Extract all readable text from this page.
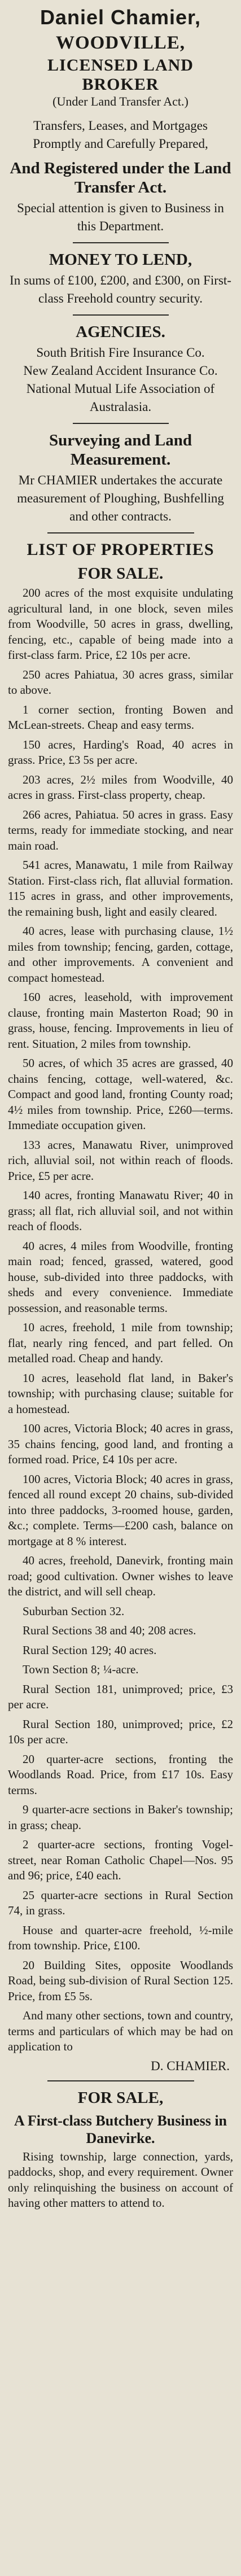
Daniel Chamier,
WOODVILLE,
LICENSED LAND BROKER
(Under Land Transfer Act.)
Transfers, Leases, and Mortgages Promptly and Carefully Prepared,
And Registered under the Land Transfer Act.
Special attention is given to Business in this Department.
MONEY TO LEND,
In sums of £100, £200, and £300, on First-class Freehold country security.
AGENCIES.
South British Fire Insurance Co.
New Zealand Accident Insurance Co.
National Mutual Life Association of Australasia.
Surveying and Land Measurement.
Mr CHAMIER undertakes the accurate measurement of Ploughing, Bushfelling and other contracts.
LIST OF PROPERTIES
FOR SALE.

200 acres of the most exquisite undulating agricultural land, in one block, seven miles from Woodville, 50 acres in grass, dwelling, fencing, etc., capable of being made into a first-class farm. Price, £2 10s per acre.

250 acres Pahiatua, 30 acres grass, similar to above.

1 corner section, fronting Bowen and McLean-streets. Cheap and easy terms.

150 acres, Harding's Road, 40 acres in grass. Price, £3 5s per acre.

203 acres, 2½ miles from Woodville, 40 acres in grass. First-class property, cheap.

266 acres, Pahiatua. 50 acres in grass. Easy terms, ready for immediate stocking, and near main road.

541 acres, Manawatu, 1 mile from Railway Station. First-class rich, flat alluvial formation. 115 acres in grass, and other improvements, the remaining bush, light and easily cleared.

40 acres, lease with purchasing clause, 1½ miles from township; fencing, garden, cottage, and other improvements. A convenient and compact homestead.

160 acres, leasehold, with improvement clause, fronting main Masterton Road; 90 in grass, house, fencing. Improvements in lieu of rent. Situation, 2 miles from township.

50 acres, of which 35 acres are grassed, 40 chains fencing, cottage, well-watered, &c. Compact and good land, fronting County road; 4½ miles from township. Price, £260—terms. Immediate occupation given.

133 acres, Manawatu River, unimproved rich, alluvial soil, not within reach of floods. Price, £5 per acre.

140 acres, fronting Manawatu River; 40 in grass; all flat, rich alluvial soil, and not within reach of floods.

40 acres, 4 miles from Woodville, fronting main road; fenced, grassed, watered, good house, sub-divided into three paddocks, with sheds and every convenience. Immediate possession, and reasonable terms.

10 acres, freehold, 1 mile from township; flat, nearly ring fenced, and part felled. On metalled road. Cheap and handy.

10 acres, leasehold flat land, in Baker's township; with purchasing clause; suitable for a homestead.

100 acres, Victoria Block; 40 acres in grass, 35 chains fencing, good land, and fronting a formed road. Price, £4 10s per acre.

100 acres, Victoria Block; 40 acres in grass, fenced all round except 20 chains, sub-divided into three paddocks, 3-roomed house, garden, &c.; complete. Terms—£200 cash, balance on mortgage at 8 % interest.

40 acres, freehold, Danevirk, fronting main road; good cultivation. Owner wishes to leave the district, and will sell cheap.

Suburban Section 32.

Rural Sections 38 and 40; 208 acres.

Rural Section 129; 40 acres.

Town Section 8; ¼-acre.

Rural Section 181, unimproved; price, £3 per acre.

Rural Section 180, unimproved; price, £2 10s per acre.

20 quarter-acre sections, fronting the Woodlands Road. Price, from £17 10s. Easy terms.

9 quarter-acre sections in Baker's township; in grass; cheap.

2 quarter-acre sections, fronting Vogel-street, near Roman Catholic Chapel—Nos. 95 and 96; price, £40 each.

25 quarter-acre sections in Rural Section 74, in grass.

House and quarter-acre freehold, ½-mile from township. Price, £100.

20 Building Sites, opposite Woodlands Road, being sub-division of Rural Section 125. Price, from £5 5s.

And many other sections, town and country, terms and particulars of which may be had on application to

D. CHAMIER.
FOR SALE,
A First-class Butchery Business in Danevirke.

Rising township, large connection, yards, paddocks, shop, and every requirement. Owner only relinquishing the business on account of having other matters to attend to.
